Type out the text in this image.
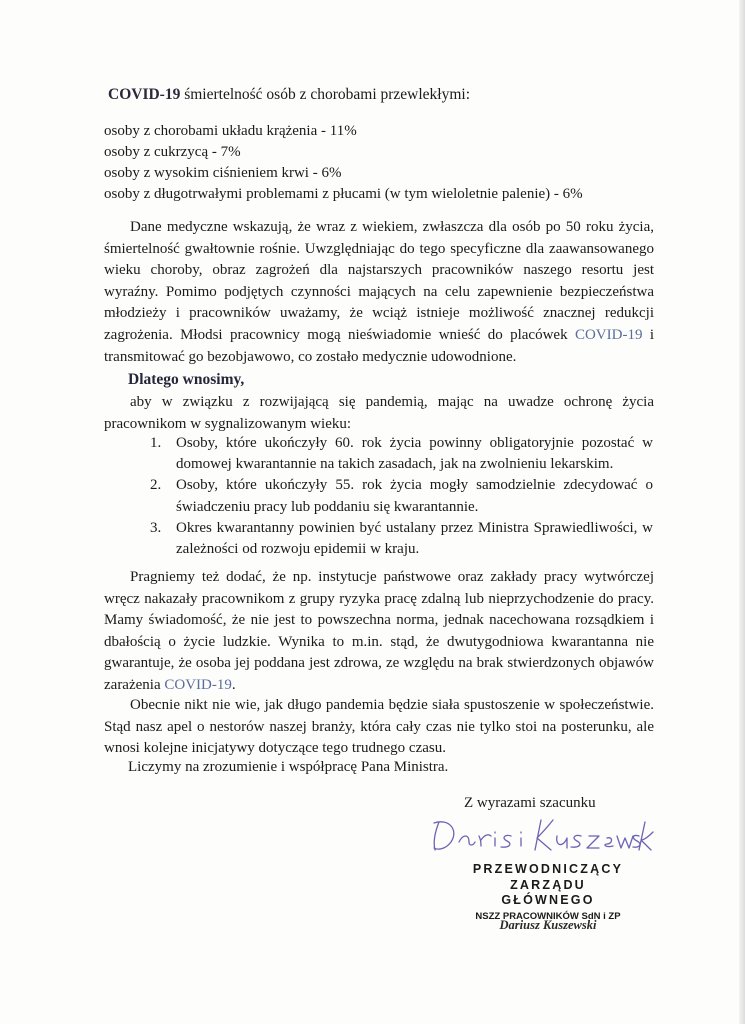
COVID-19 śmiertelność osób z chorobami przewlekłymi:
osoby z chorobami układu krążenia - 11%
osoby z cukrzycą - 7%
osoby z wysokim ciśnieniem krwi - 6%
osoby z długotrwałymi problemami z płucami (w tym wieloletnie palenie) - 6%
Dane medyczne wskazują, że wraz z wiekiem, zwłaszcza dla osób po 50 roku życia, śmiertelność gwałtownie rośnie. Uwzględniając do tego specyficzne dla zaawansowanego wieku choroby, obraz zagrożeń dla najstarszych pracowników naszego resortu jest wyraźny. Pomimo podjętych czynności mających na celu zapewnienie bezpieczeństwa młodzieży i pracowników uważamy, że wciąż istnieje możliwość znacznej redukcji zagrożenia. Młodsi pracownicy mogą nieświadomie wnieść do placówek COVID-19 i transmitować go bezobjawowo, co zostało medycznie udowodnione.
Dlatego wnosimy,
aby w związku z rozwijającą się pandemią, mając na uwadze ochronę życia pracownikom w sygnalizowanym wieku:
1. Osoby, które ukończyły 60. rok życia powinny obligatoryjnie pozostać w domowej kwarantannie na takich zasadach, jak na zwolnieniu lekarskim.
2. Osoby, które ukończyły 55. rok życia mogły samodzielnie zdecydować o świadczeniu pracy lub poddaniu się kwarantannie.
3. Okres kwarantanny powinien być ustalany przez Ministra Sprawiedliwości, w zależności od rozwoju epidemii w kraju.
Pragniemy też dodać, że np. instytucje państwowe oraz zakłady pracy wytwórczej wręcz nakazały pracownikom z grupy ryzyka pracę zdalną lub nieprzychodzenie do pracy. Mamy świadomość, że nie jest to powszechna norma, jednak nacechowana rozsądkiem i dbałością o życie ludzkie. Wynika to m.in. stąd, że dwutygodniowa kwarantanna nie gwarantuje, że osoba jej poddana jest zdrowa, ze względu na brak stwierdzonych objawów zarażenia COVID-19.
Obecnie nikt nie wie, jak długo pandemia będzie siała spustoszenie w społeczeństwie. Stąd nasz apel o nestorów naszej branży, która cały czas nie tylko stoi na posterunku, ale wnosi kolejne inicjatywy dotyczące tego trudnego czasu.
Liczymy na zrozumienie i współpracę Pana Ministra.
Z wyrazami szacunku
PRZEWODNICZĄCY
ZARZĄDU GŁÓWNEGO
NSZZ PRACOWNIKÓW SdN i ZP
Dariusz Kuszewski
